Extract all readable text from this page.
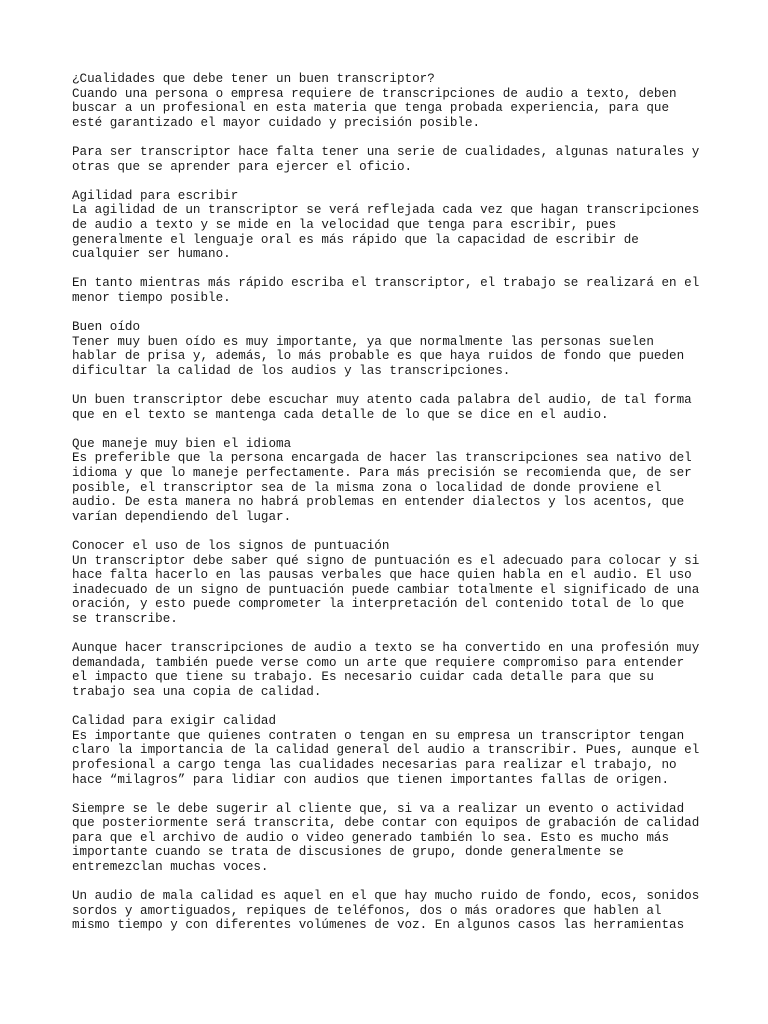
¿Cualidades que debe tener un buen transcriptor?
Cuando una persona o empresa requiere de transcripciones de audio a texto, deben
buscar a un profesional en esta materia que tenga probada experiencia, para que
esté garantizado el mayor cuidado y precisión posible.
Para ser transcriptor hace falta tener una serie de cualidades, algunas naturales y
otras que se aprender para ejercer el oficio.
Agilidad para escribir
La agilidad de un transcriptor se verá reflejada cada vez que hagan transcripciones
de audio a texto y se mide en la velocidad que tenga para escribir, pues
generalmente el lenguaje oral es más rápido que la capacidad de escribir de
cualquier ser humano.
En tanto mientras más rápido escriba el transcriptor, el trabajo se realizará en el
menor tiempo posible.
Buen oído
Tener muy buen oído es muy importante, ya que normalmente las personas suelen
hablar de prisa y, además, lo más probable es que haya ruidos de fondo que pueden
dificultar la calidad de los audios y las transcripciones.
Un buen transcriptor debe escuchar muy atento cada palabra del audio, de tal forma
que en el texto se mantenga cada detalle de lo que se dice en el audio.
Que maneje muy bien el idioma
Es preferible que la persona encargada de hacer las transcripciones sea nativo del
idioma y que lo maneje perfectamente. Para más precisión se recomienda que, de ser
posible, el transcriptor sea de la misma zona o localidad de donde proviene el
audio. De esta manera no habrá problemas en entender dialectos y los acentos, que
varían dependiendo del lugar.
Conocer el uso de los signos de puntuación
Un transcriptor debe saber qué signo de puntuación es el adecuado para colocar y si
hace falta hacerlo en las pausas verbales que hace quien habla en el audio. El uso
inadecuado de un signo de puntuación puede cambiar totalmente el significado de una
oración, y esto puede comprometer la interpretación del contenido total de lo que
se transcribe.
Aunque hacer transcripciones de audio a texto se ha convertido en una profesión muy
demandada, también puede verse como un arte que requiere compromiso para entender
el impacto que tiene su trabajo. Es necesario cuidar cada detalle para que su
trabajo sea una copia de calidad.
Calidad para exigir calidad
Es importante que quienes contraten o tengan en su empresa un transcriptor tengan
claro la importancia de la calidad general del audio a transcribir. Pues, aunque el
profesional a cargo tenga las cualidades necesarias para realizar el trabajo, no
hace “milagros” para lidiar con audios que tienen importantes fallas de origen.
Siempre se le debe sugerir al cliente que, si va a realizar un evento o actividad
que posteriormente será transcrita, debe contar con equipos de grabación de calidad
para que el archivo de audio o video generado también lo sea. Esto es mucho más
importante cuando se trata de discusiones de grupo, donde generalmente se
entremezclan muchas voces.
Un audio de mala calidad es aquel en el que hay mucho ruido de fondo, ecos, sonidos
sordos y amortiguados, repiques de teléfonos, dos o más oradores que hablen al
mismo tiempo y con diferentes volúmenes de voz. En algunos casos las herramientas
